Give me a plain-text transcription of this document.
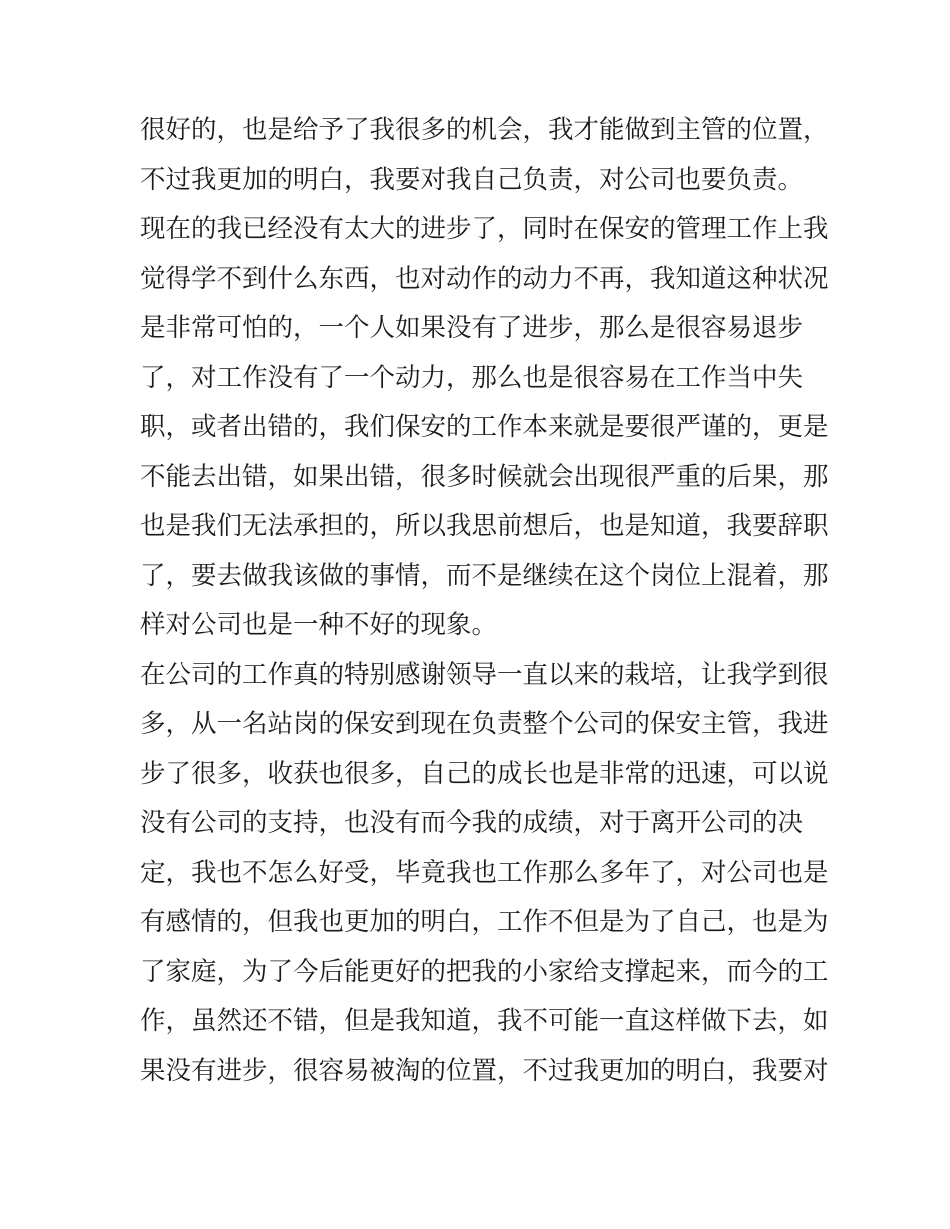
很好的，也是给予了我很多的机会，我才能做到主管的位置，
不过我更加的明白，我要对我自己负责，对公司也要负责。
现在的我已经没有太大的进步了，同时在保安的管理工作上我
觉得学不到什么东西，也对动作的动力不再，我知道这种状况
是非常可怕的，一个人如果没有了进步，那么是很容易退步
了，对工作没有了一个动力，那么也是很容易在工作当中失
职，或者出错的，我们保安的工作本来就是要很严谨的，更是
不能去出错，如果出错，很多时候就会出现很严重的后果，那
也是我们无法承担的，所以我思前想后，也是知道，我要辞职
了，要去做我该做的事情，而不是继续在这个岗位上混着，那
样对公司也是一种不好的现象。
在公司的工作真的特别感谢领导一直以来的栽培，让我学到很
多，从一名站岗的保安到现在负责整个公司的保安主管，我进
步了很多，收获也很多，自己的成长也是非常的迅速，可以说
没有公司的支持，也没有而今我的成绩，对于离开公司的决
定，我也不怎么好受，毕竟我也工作那么多年了，对公司也是
有感情的，但我也更加的明白，工作不但是为了自己，也是为
了家庭，为了今后能更好的把我的小家给支撑起来，而今的工
作，虽然还不错，但是我知道，我不可能一直这样做下去，如
果没有进步，很容易被淘的位置，不过我更加的明白，我要对
